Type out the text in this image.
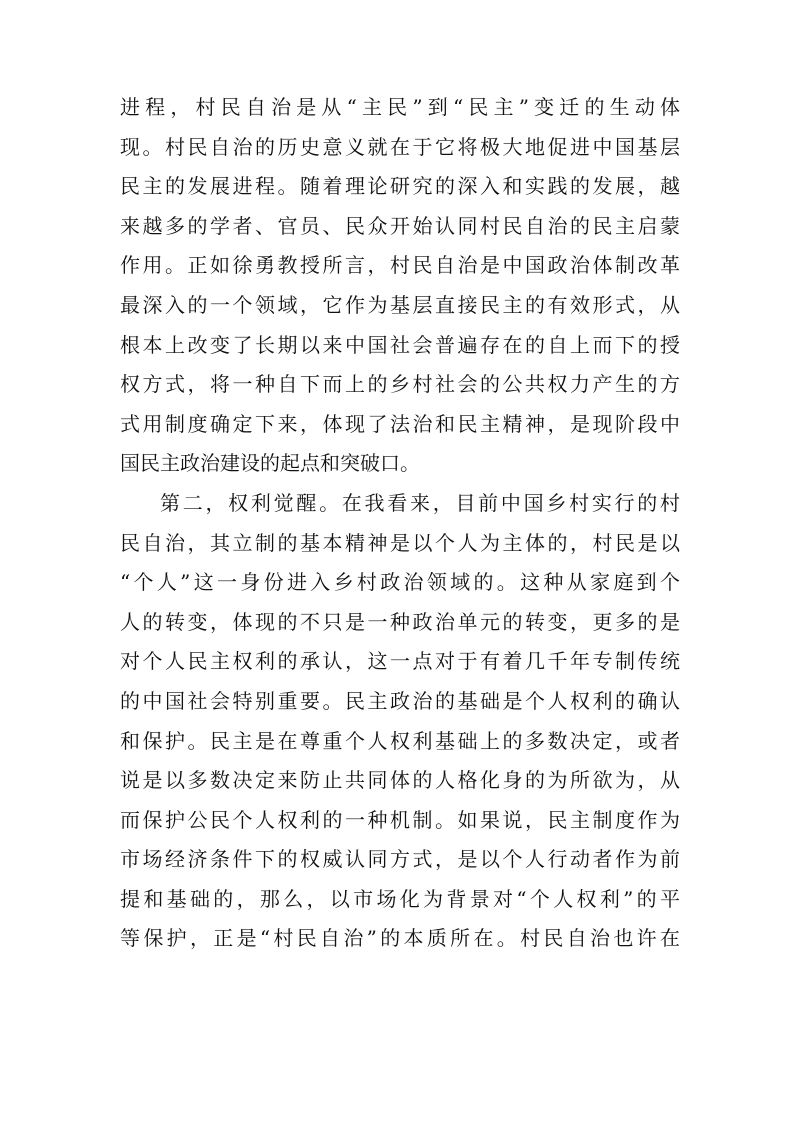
进程，村民自治是从“主民”到“民主”变迁的生动体
现。村民自治的历史意义就在于它将极大地促进中国基层
民主的发展进程。随着理论研究的深入和实践的发展，越
来越多的学者、官员、民众开始认同村民自治的民主启蒙
作用。正如徐勇教授所言，村民自治是中国政治体制改革
最深入的一个领域，它作为基层直接民主的有效形式，从
根本上改变了长期以来中国社会普遍存在的自上而下的授
权方式，将一种自下而上的乡村社会的公共权力产生的方
式用制度确定下来，体现了法治和民主精神，是现阶段中
国民主政治建设的起点和突破口。
第二，权利觉醒。在我看来，目前中国乡村实行的村
民自治，其立制的基本精神是以个人为主体的，村民是以
“个人”这一身份进入乡村政治领域的。这种从家庭到个
人的转变，体现的不只是一种政治单元的转变，更多的是
对个人民主权利的承认，这一点对于有着几千年专制传统
的中国社会特别重要。民主政治的基础是个人权利的确认
和保护。民主是在尊重个人权利基础上的多数决定，或者
说是以多数决定来防止共同体的人格化身的为所欲为，从
而保护公民个人权利的一种机制。如果说，民主制度作为
市场经济条件下的权威认同方式，是以个人行动者作为前
提和基础的，那么，以市场化为背景对“个人权利”的平
等保护，正是“村民自治”的本质所在。村民自治也许在
